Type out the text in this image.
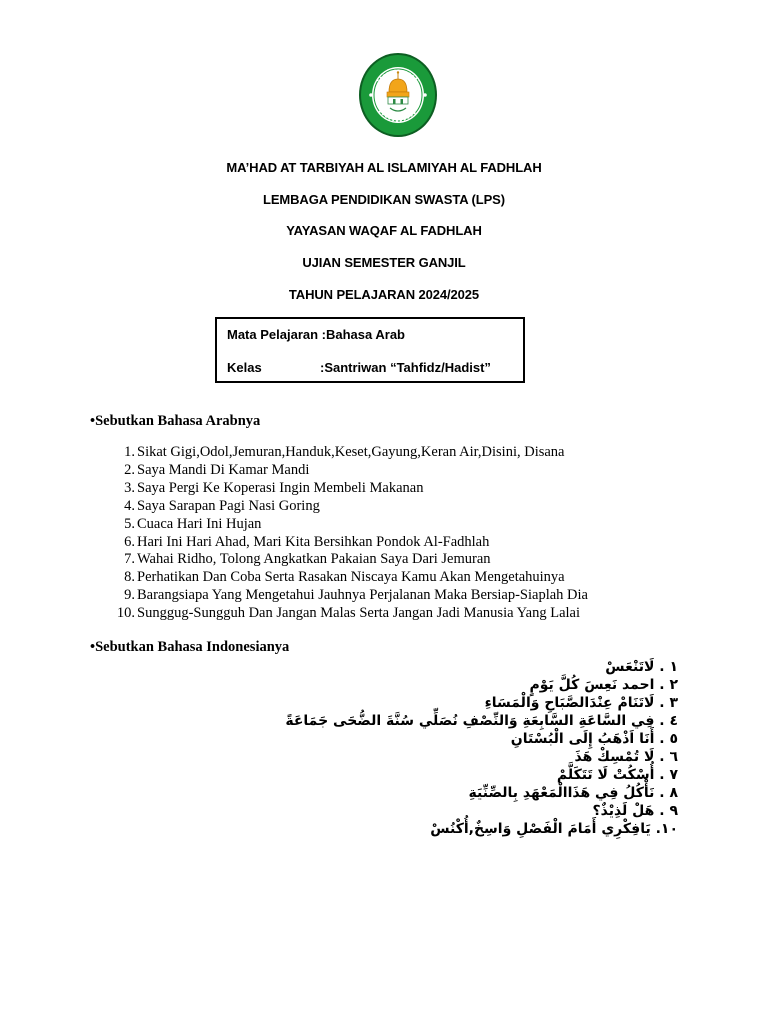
MA’HAD AT TARBIYAH AL ISLAMIYAH AL FADHLAH
LEMBAGA PENDIDIKAN SWASTA (LPS)
YAYASAN WAQAF AL FADHLAH
UJIAN SEMESTER GANJIL
TAHUN PELAJARAN 2024/2025
Mata Pelajaran :Bahasa Arab
Kelas	:Santriwan “Tahfidz/Hadist”
•Sebutkan Bahasa Arabnya
1. Sikat Gigi,Odol,Jemuran,Handuk,Keset,Gayung,Keran Air,Disini, Disana
2. Saya Mandi Di Kamar Mandi
3. Saya Pergi Ke Koperasi Ingin Membeli Makanan
4. Saya Sarapan Pagi Nasi Goring
5. Cuaca Hari Ini Hujan
6. Hari Ini Hari Ahad, Mari Kita Bersihkan Pondok Al-Fadhlah
7. Wahai Ridho, Tolong Angkatkan Pakaian Saya Dari Jemuran
8. Perhatikan Dan Coba Serta Rasakan Niscaya Kamu Akan Mengetahuinya
9. Barangsiapa Yang Mengetahui Jauhnya Perjalanan Maka Bersiap-Siaplah Dia
10. Sunggug-Sungguh Dan Jangan Malas Serta Jangan Jadi Manusia Yang Lalai
•Sebutkan Bahasa Indonesianya
١ . لَاتَنْعَسْ
٢ . احمد نَعِسَ كُلَّ يَوْمٍ
٣ . لَاتَنَامْ عِنْدَالصَّبَاحِ وَالْمَسَاءِ
٤ . فِي السَّاعَةِ السَّابِعَةِ وَالنِّصْفِ نُصَلِّي سُنَّةَ الضُّحَى جَمَاعَةً
٥ . أَنَا اَذْهَبُ إِلَى الْبُسْتَانِ
٦ . لَا تُمْسِكْ هَذَ
٧ . أُسْكُتْ لَا تَتَكَلَّمْ
٨ . نَأْكُلُ فِي هَذَاالْمَعْهَدِ بِالصِّنِّيَةِ
٩ . هَلْ لَذِيْذٌ؟
١٠. يَافِكْرِي أَمَامَ الْفَصْلِ وَاسِخٌ,أُكْنُسْ
